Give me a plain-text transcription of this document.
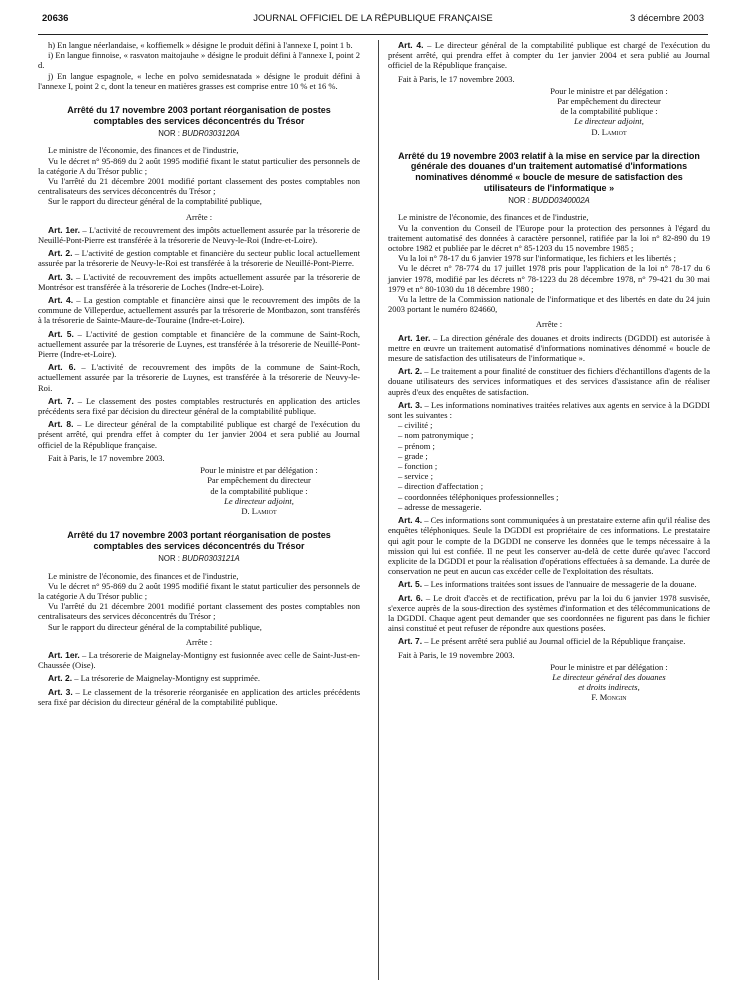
20636	JOURNAL OFFICIEL DE LA RÉPUBLIQUE FRANÇAISE	3 décembre 2003

h) En langue néerlandaise, « koffiemelk » désigne le produit défini à l'annexe I, point 1 b.

i) En langue finnoise, « rasvaton maitojauhe » désigne le produit défini à l'annexe I, point 2 d.

j) En langue espagnole, « leche en polvo semidesnatada » désigne le produit défini à l'annexe I, point 2 c, dont la teneur en matières grasses est comprise entre 10 % et 16 %.

Arrêté du 17 novembre 2003 portant réorganisation de postes comptables des services déconcentrés du Trésor
NOR : BUDR0303120A

Le ministre de l'économie, des finances et de l'industrie,

Vu le décret n° 95-869 du 2 août 1995 modifié fixant le statut particulier des personnels de la catégorie A du Trésor public ;

Vu l'arrêté du 21 décembre 2001 modifié portant classement des postes comptables non centralisateurs des services déconcentrés du Trésor ;

Sur le rapport du directeur général de la comptabilité publique,

Arrête :

Art. 1er. – L'activité de recouvrement des impôts actuellement assurée par la trésorerie de Neuillé-Pont-Pierre est transférée à la trésorerie de Neuvy-le-Roi (Indre-et-Loire).

Art. 2. – L'activité de gestion comptable et financière du secteur public local actuellement assurée par la trésorerie de Neuvy-le-Roi est transférée à la trésorerie de Neuillé-Pont-Pierre.

Art. 3. – L'activité de recouvrement des impôts actuellement assurée par la trésorerie de Montrésor est transférée à la trésorerie de Loches (Indre-et-Loire).

Art. 4. – La gestion comptable et financière ainsi que le recouvrement des impôts de la commune de Villeperdue, actuellement assurés par la trésorerie de Montbazon, sont transférés à la trésorerie de Sainte-Maure-de-Touraine (Indre-et-Loire).

Art. 5. – L'activité de gestion comptable et financière de la commune de Saint-Roch, actuellement assurée par la trésorerie de Luynes, est transférée à la trésorerie de Neuillé-Pont-Pierre (Indre-et-Loire).

Art. 6. – L'activité de recouvrement des impôts de la commune de Saint-Roch, actuellement assurée par la trésorerie de Luynes, est transférée à la trésorerie de Neuvy-le-Roi.

Art. 7. – Le classement des postes comptables restructurés en application des articles précédents sera fixé par décision du directeur général de la comptabilité publique.

Art. 8. – Le directeur général de la comptabilité publique est chargé de l'exécution du présent arrêté, qui prendra effet à compter du 1er janvier 2004 et sera publié au Journal officiel de la République française.

Fait à Paris, le 17 novembre 2003.

Pour le ministre et par délégation :
Par empêchement du directeur
de la comptabilité publique :
Le directeur adjoint,
D. Lamiot
Arrêté du 17 novembre 2003 portant réorganisation de postes comptables des services déconcentrés du Trésor
NOR : BUDR0303121A

Le ministre de l'économie, des finances et de l'industrie,

Vu le décret n° 95-869 du 2 août 1995 modifié fixant le statut particulier des personnels de la catégorie A du Trésor public ;

Vu l'arrêté du 21 décembre 2001 modifié portant classement des postes comptables non centralisateurs des services déconcentrés du Trésor ;

Sur le rapport du directeur général de la comptabilité publique,

Arrête :

Art. 1er. – La trésorerie de Maignelay-Montigny est fusionnée avec celle de Saint-Just-en-Chaussée (Oise).

Art. 2. – La trésorerie de Maignelay-Montigny est supprimée.

Art. 3. – Le classement de la trésorerie réorganisée en application des articles précédents sera fixé par décision du directeur général de la comptabilité publique.

Art. 4. – Le directeur général de la comptabilité publique est chargé de l'exécution du présent arrêté, qui prendra effet à compter du 1er janvier 2004 et sera publié au Journal officiel de la République française.

Fait à Paris, le 17 novembre 2003.

Pour le ministre et par délégation :
Par empêchement du directeur
de la comptabilité publique :
Le directeur adjoint,
D. Lamiot
Arrêté du 19 novembre 2003 relatif à la mise en service par la direction générale des douanes d'un traitement automatisé d'informations nominatives dénommé « boucle de mesure de satisfaction des utilisateurs de l'informatique »
NOR : BUDD0340002A

Le ministre de l'économie, des finances et de l'industrie,

Vu la convention du Conseil de l'Europe pour la protection des personnes à l'égard du traitement automatisé des données à caractère personnel, ratifiée par la loi n° 82-890 du 19 octobre 1982 et publiée par le décret n° 85-1203 du 15 novembre 1985 ;

Vu la loi n° 78-17 du 6 janvier 1978 sur l'informatique, les fichiers et les libertés ;

Vu le décret n° 78-774 du 17 juillet 1978 pris pour l'application de la loi n° 78-17 du 6 janvier 1978, modifié par les décrets n° 78-1223 du 28 décembre 1978, n° 79-421 du 30 mai 1979 et n° 80-1030 du 18 décembre 1980 ;

Vu la lettre de la Commission nationale de l'informatique et des libertés en date du 24 juin 2003 portant le numéro 824660,

Arrête :

Art. 1er. – La direction générale des douanes et droits indirects (DGDDI) est autorisée à mettre en œuvre un traitement automatisé d'informations nominatives dénommé « boucle de mesure de satisfaction des utilisateurs de l'informatique ».

Art. 2. – Le traitement a pour finalité de constituer des fichiers d'échantillons d'agents de la douane utilisateurs des services informatiques et des services d'assistance afin de réaliser auprès d'eux des enquêtes de satisfaction.

Art. 3. – Les informations nominatives traitées relatives aux agents en service à la DGDDI sont les suivantes :

– civilité ;
– nom patronymique ;
– prénom ;
– grade ;
– fonction ;
– service ;
– direction d'affectation ;
– coordonnées téléphoniques professionnelles ;
– adresse de messagerie.

Art. 4. – Ces informations sont communiquées à un prestataire externe afin qu'il réalise des enquêtes téléphoniques. Seule la DGDDI est propriétaire de ces informations. Le prestataire qui agit pour le compte de la DGDDI ne conserve les données que le temps nécessaire à la mission qui lui est confiée. Il ne peut les conserver au-delà de cette durée qu'avec l'accord explicite de la DGDDI et pour la réalisation d'opérations effectuées à sa demande. La durée de conservation ne peut en aucun cas excéder celle de l'exploitation des résultats.

Art. 5. – Les informations traitées sont issues de l'annuaire de messagerie de la douane.

Art. 6. – Le droit d'accès et de rectification, prévu par la loi du 6 janvier 1978 susvisée, s'exerce auprès de la sous-direction des systèmes d'information et des télécommunications de la DGDDI. Chaque agent peut demander que ses coordonnées ne figurent pas dans le fichier ainsi constitué et peut refuser de répondre aux questions posées.

Art. 7. – Le présent arrêté sera publié au Journal officiel de la République française.

Fait à Paris, le 19 novembre 2003.

Pour le ministre et par délégation :
Le directeur général des douanes
et droits indirects,
F. Mongin
